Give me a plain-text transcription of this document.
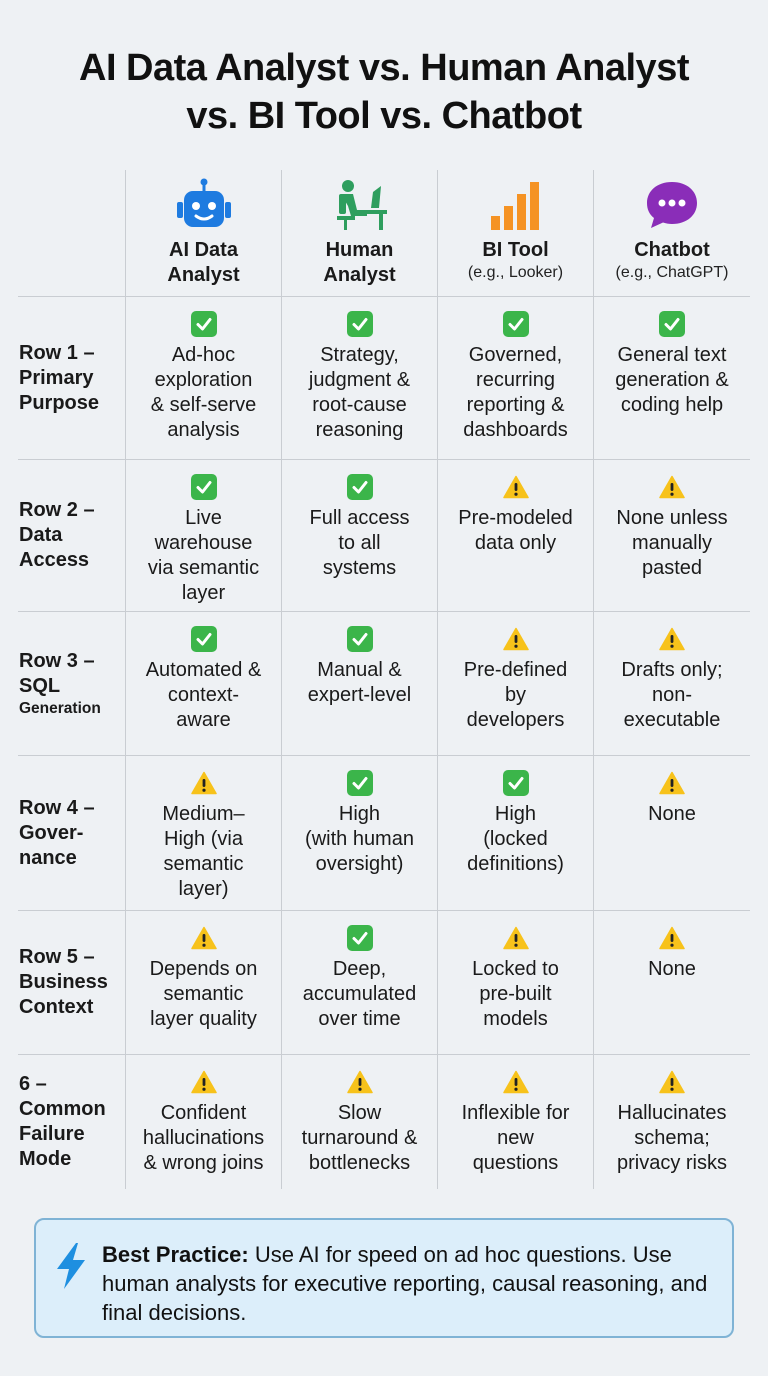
AI Data Analyst vs. Human Analyst
vs. BI Tool vs. Chatbot
AI Data
Analyst
Human
Analyst
BI Tool
(e.g., Looker)
Chatbot
(e.g., ChatGPT)
Row 1 –
Primary
Purpose
Ad-hoc
exploration
& self-serve
analysis
Strategy,
judgment &
root-cause
reasoning
Governed,
recurring
reporting &
dashboards
General text
generation &
coding help
Row 2 –
Data
Access
Live
warehouse
via semantic
layer
Full access
to all
systems
Pre-modeled
data only
None unless
manually
pasted
Row 3 –
SQL
Generation
Automated &
context-
aware
Manual &
expert-level
Pre-defined
by
developers
Drafts only;
non-
executable
Row 4 –
Gover-
nance
Medium–
High (via
semantic
layer)
High
(with human
oversight)
High
(locked
definitions)
None
Row 5 –
Business
Context
Depends on
semantic
layer quality
Deep,
accumulated
over time
Locked to
pre-built
models
None
6 –
Common
Failure
Mode
Confident
hallucinations
& wrong joins
Slow
turnaround &
bottlenecks
Inflexible for
new
questions
Hallucinates
schema;
privacy risks
Best Practice: Use AI for speed on ad hoc questions. Use human analysts for executive reporting, causal reasoning, and final decisions.
